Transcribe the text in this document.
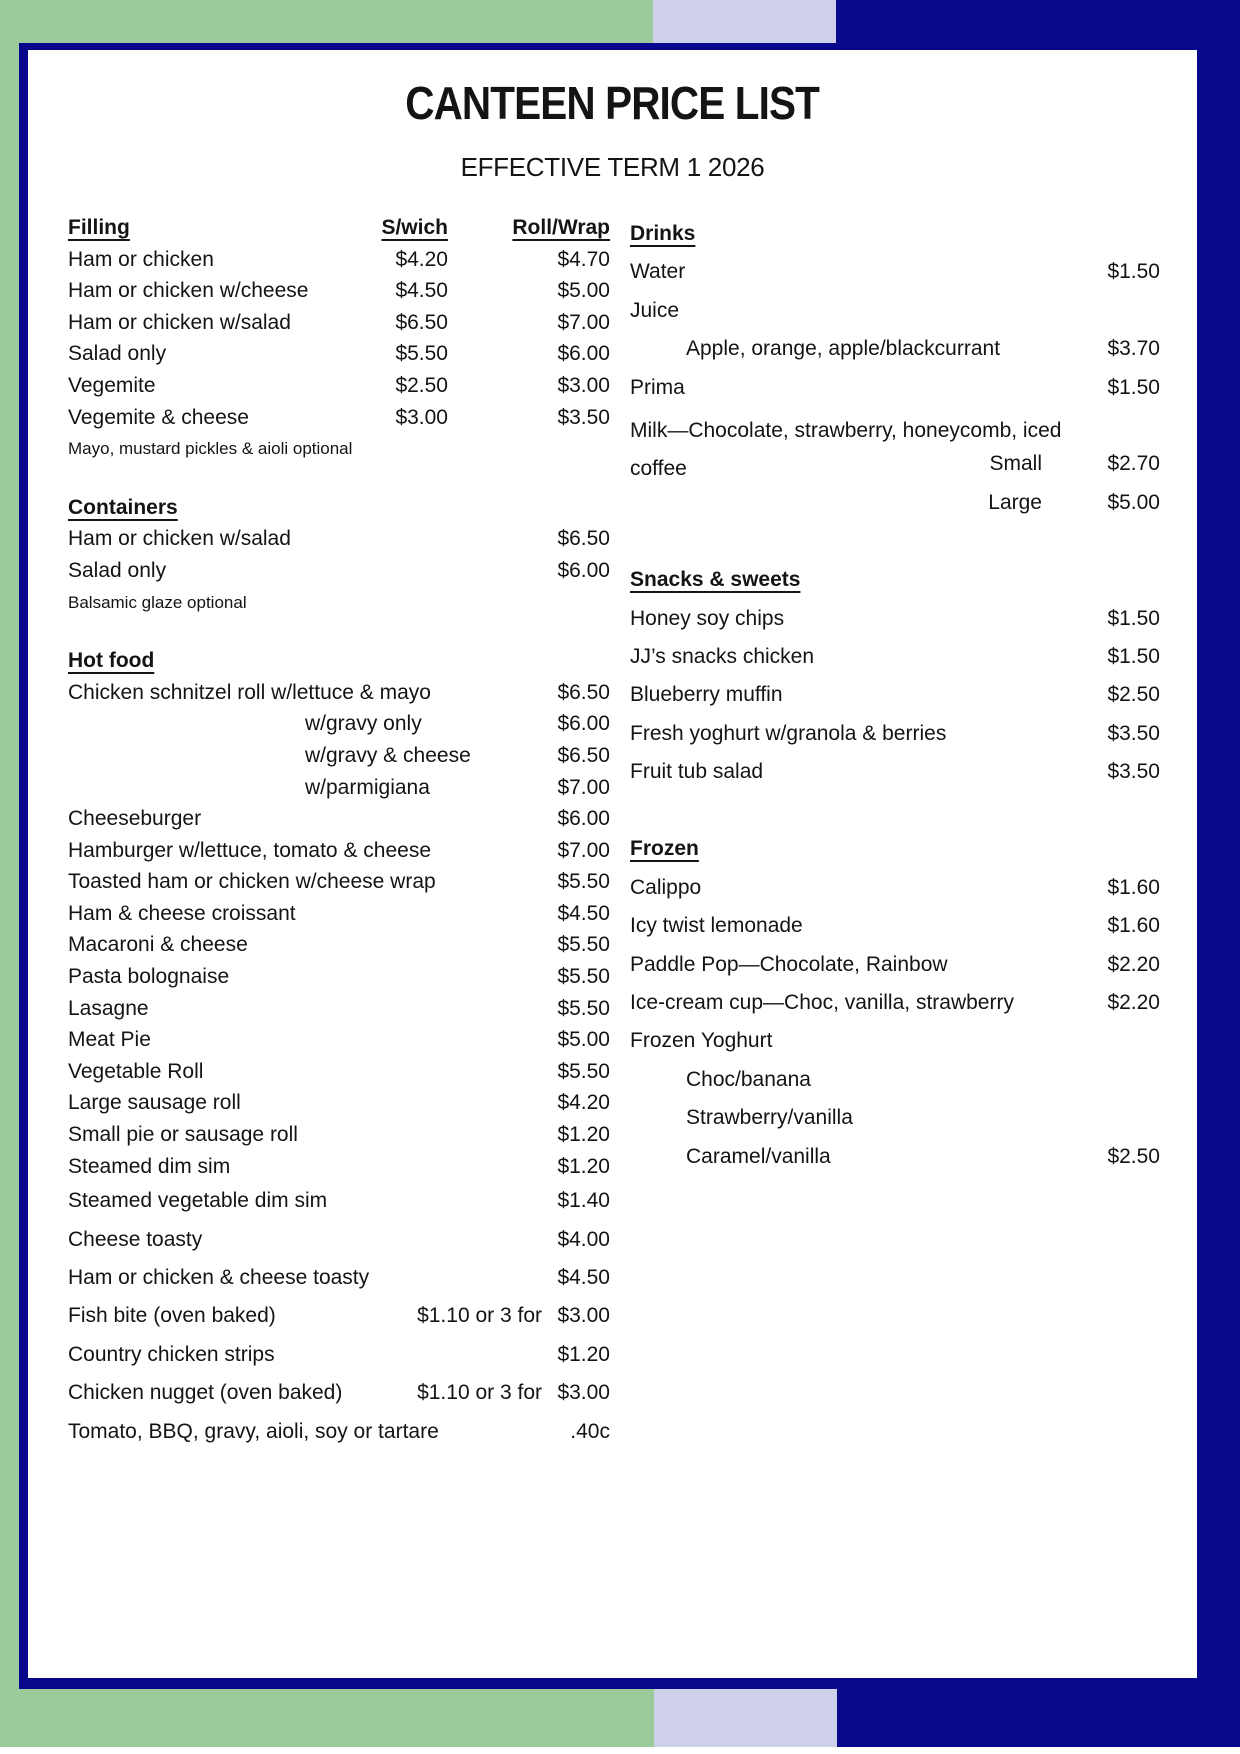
CANTEEN PRICE LIST
EFFECTIVE TERM 1 2026
Filling	S/wich	Roll/Wrap
Ham or chicken	$4.20	$4.70
Ham or chicken w/cheese	$4.50	$5.00
Ham or chicken w/salad	$6.50	$7.00
Salad only	$5.50	$6.00
Vegemite	$2.50	$3.00
Vegemite & cheese	$3.00	$3.50
Mayo, mustard pickles & aioli optional
Containers
Ham or chicken w/salad	$6.50
Salad only	$6.00
Balsamic glaze optional
Hot food
Chicken schnitzel roll w/lettuce & mayo	$6.50
w/gravy only	$6.00
w/gravy & cheese	$6.50
w/parmigiana	$7.00
Cheeseburger	$6.00
Hamburger w/lettuce, tomato & cheese	$7.00
Toasted ham or chicken w/cheese wrap	$5.50
Ham & cheese croissant	$4.50
Macaroni & cheese	$5.50
Pasta bolognaise	$5.50
Lasagne	$5.50
Meat Pie	$5.00
Vegetable Roll	$5.50
Large sausage roll	$4.20
Small pie or sausage roll	$1.20
Steamed dim sim	$1.20
Steamed vegetable dim sim	$1.40
Cheese toasty	$4.00
Ham or chicken & cheese toasty	$4.50
Fish bite (oven baked)	$1.10 or 3 for $3.00
Country chicken strips	$1.20
Chicken nugget (oven baked)	$1.10 or 3 for $3.00
Tomato, BBQ, gravy, aioli, soy or tartare	.40c
Drinks
Water	$1.50
Juice
Apple, orange, apple/blackcurrant	$3.70
Prima	$1.50
Milk—Chocolate, strawberry, honeycomb, iced coffee	Small	$2.70
Large	$5.00
Snacks & sweets
Honey soy chips	$1.50
JJ’s snacks chicken	$1.50
Blueberry muffin	$2.50
Fresh yoghurt w/granola & berries	$3.50
Fruit tub salad	$3.50
Frozen
Calippo	$1.60
Icy twist lemonade	$1.60
Paddle Pop—Chocolate, Rainbow	$2.20
Ice-cream cup—Choc, vanilla, strawberry	$2.20
Frozen Yoghurt
Choc/banana
Strawberry/vanilla
Caramel/vanilla	$2.50
